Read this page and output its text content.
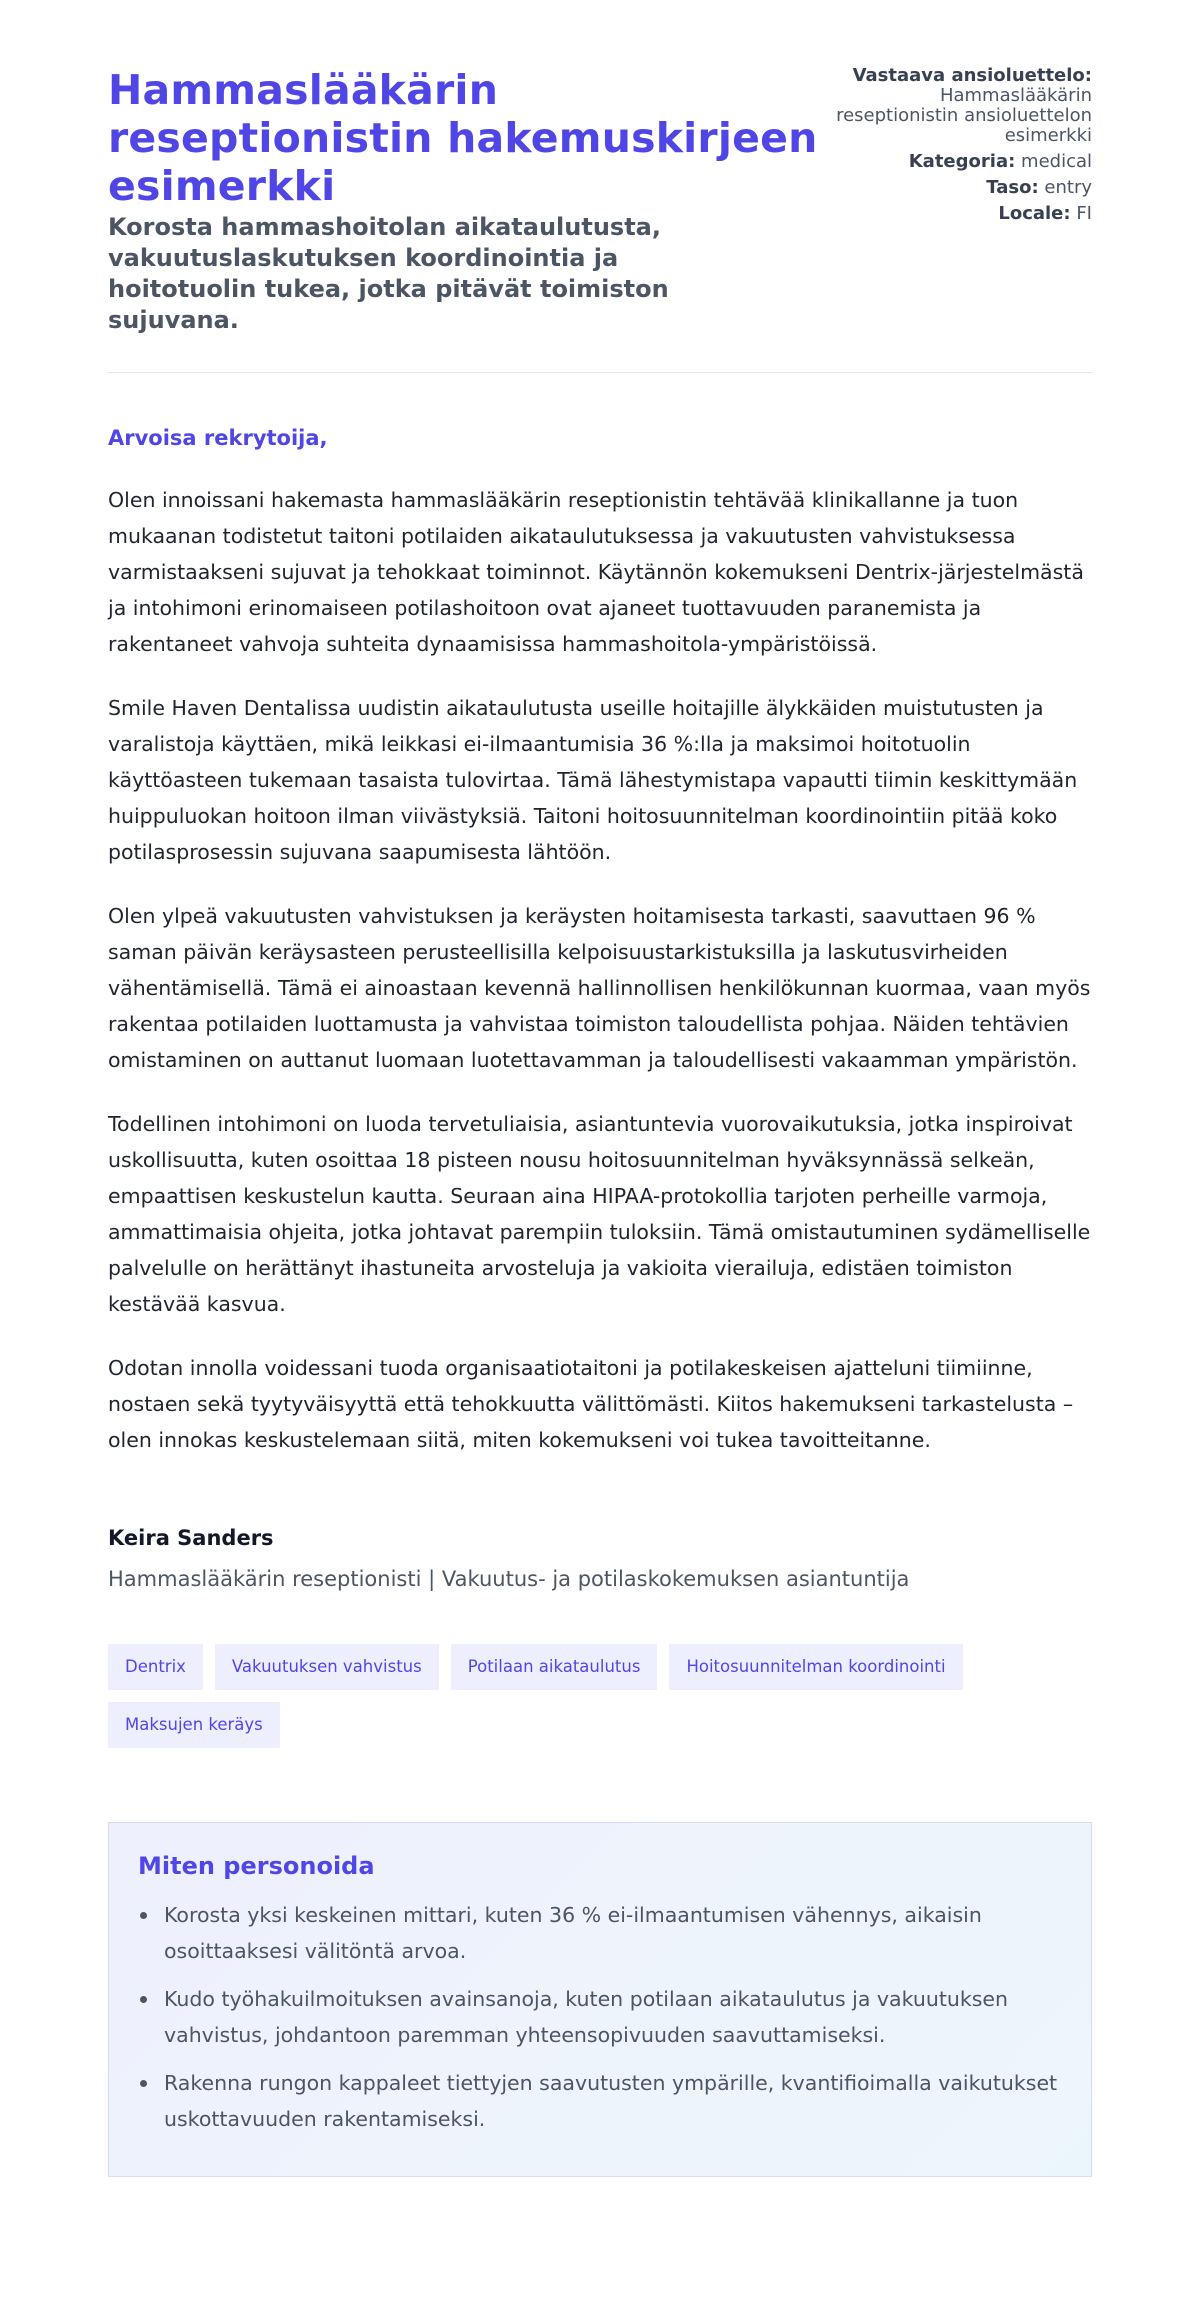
Hammaslääkärin reseptionistin hakemuskirjeen esimerkki
Korosta hammashoitolan aikataulutusta, vakuutuslaskutuksen koordinointia ja hoitotuolin tukea, jotka pitävät toimiston sujuvana.
Vastaava ansioluettelo: Hammaslääkärin reseptionistin ansioluettelon esimerkki
Kategoria: medical
Taso: entry
Locale: FI

Arvoisa rekrytoija,

Olen innoissani hakemasta hammaslääkärin reseptionistin tehtävää klinikallanne ja tuon mukaanan todistetut taitoni potilaiden aikataulutuksessa ja vakuutusten vahvistuksessa varmistaakseni sujuvat ja tehokkaat toiminnot. Käytännön kokemukseni Dentrix-järjestelmästä ja intohimoni erinomaiseen potilashoitoon ovat ajaneet tuottavuuden paranemista ja rakentaneet vahvoja suhteita dynaamisissa hammashoitola-ympäristöissä.

Smile Haven Dentalissa uudistin aikataulutusta useille hoitajille älykkäiden muistutusten ja varalistoja käyttäen, mikä leikkasi ei-ilmaantumisia 36 %:lla ja maksimoi hoitotuolin käyttöasteen tukemaan tasaista tulovirtaa. Tämä lähestymistapa vapautti tiimin keskittymään huippuluokan hoitoon ilman viivästyksiä. Taitoni hoitosuunnitelman koordinointiin pitää koko potilasprosessin sujuvana saapumisesta lähtöön.

Olen ylpeä vakuutusten vahvistuksen ja keräysten hoitamisesta tarkasti, saavuttaen 96 % saman päivän keräysasteen perusteellisilla kelpoisuustarkistuksilla ja laskutusvirheiden vähentämisellä. Tämä ei ainoastaan kevennä hallinnollisen henkilökunnan kuormaa, vaan myös rakentaa potilaiden luottamusta ja vahvistaa toimiston taloudellista pohjaa. Näiden tehtävien omistaminen on auttanut luomaan luotettavamman ja taloudellisesti vakaamman ympäristön.

Todellinen intohimoni on luoda tervetuliaisia, asiantuntevia vuorovaikutuksia, jotka inspiroivat uskollisuutta, kuten osoittaa 18 pisteen nousu hoitosuunnitelman hyväksynnässä selkeän, empaattisen keskustelun kautta. Seuraan aina HIPAA-protokollia tarjoten perheille varmoja, ammattimaisia ohjeita, jotka johtavat parempiin tuloksiin. Tämä omistautuminen sydämelliselle palvelulle on herättänyt ihastuneita arvosteluja ja vakioita vierailuja, edistäen toimiston kestävää kasvua.

Odotan innolla voidessani tuoda organisaatiotaitoni ja potilakeskeisen ajatteluni tiimiinne, nostaen sekä tyytyväisyyttä että tehokkuutta välittömästi. Kiitos hakemukseni tarkastelusta – olen innokas keskustelemaan siitä, miten kokemukseni voi tukea tavoitteitanne.

Keira Sanders

Hammaslääkärin reseptionisti | Vakuutus- ja potilaskokemuksen asiantuntija

Dentrix	Vakuutuksen vahvistus	Potilaan aikataulutus	Hoitosuunnitelman koordinointi
Maksujen keräys
Miten personoida
Korosta yksi keskeinen mittari, kuten 36 % ei-ilmaantumisen vähennys, aikaisin osoittaaksesi välitöntä arvoa.
Kudo työhakuilmoituksen avainsanoja, kuten potilaan aikataulutus ja vakuutuksen vahvistus, johdantoon paremman yhteensopivuuden saavuttamiseksi.
Rakenna rungon kappaleet tiettyjen saavutusten ympärille, kvantifioimalla vaikutukset uskottavuuden rakentamiseksi.
